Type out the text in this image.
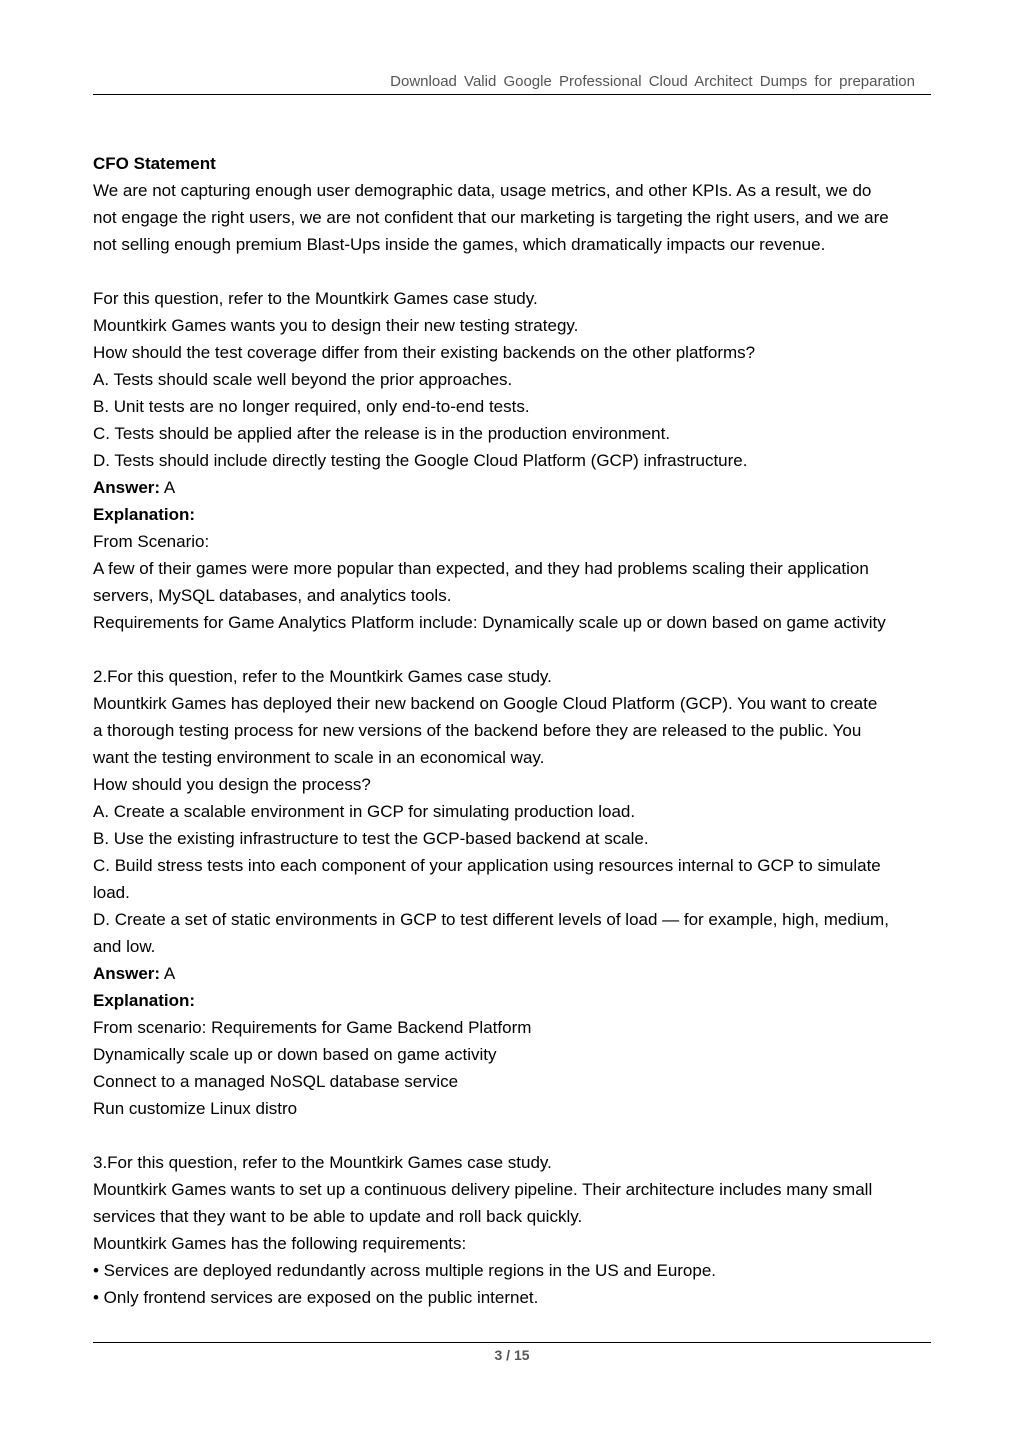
Download Valid Google Professional Cloud Architect Dumps for preparation

CFO Statement

We are not capturing enough user demographic data, usage metrics, and other KPIs. As a result, we do

not engage the right users, we are not confident that our marketing is targeting the right users, and we are

not selling enough premium Blast-Ups inside the games, which dramatically impacts our revenue.

For this question, refer to the Mountkirk Games case study.

Mountkirk Games wants you to design their new testing strategy.

How should the test coverage differ from their existing backends on the other platforms?

A. Tests should scale well beyond the prior approaches.

B. Unit tests are no longer required, only end-to-end tests.

C. Tests should be applied after the release is in the production environment.

D. Tests should include directly testing the Google Cloud Platform (GCP) infrastructure.

Answer: A

Explanation:

From Scenario:

A few of their games were more popular than expected, and they had problems scaling their application

servers, MySQL databases, and analytics tools.

Requirements for Game Analytics Platform include: Dynamically scale up or down based on game activity

2.For this question, refer to the Mountkirk Games case study.

Mountkirk Games has deployed their new backend on Google Cloud Platform (GCP). You want to create

a thorough testing process for new versions of the backend before they are released to the public. You

want the testing environment to scale in an economical way.

How should you design the process?

A. Create a scalable environment in GCP for simulating production load.

B. Use the existing infrastructure to test the GCP-based backend at scale.

C. Build stress tests into each component of your application using resources internal to GCP to simulate

load.

D. Create a set of static environments in GCP to test different levels of load — for example, high, medium,

and low.

Answer: A

Explanation:

From scenario: Requirements for Game Backend Platform

Dynamically scale up or down based on game activity

Connect to a managed NoSQL database service

Run customize Linux distro

3.For this question, refer to the Mountkirk Games case study.

Mountkirk Games wants to set up a continuous delivery pipeline. Their architecture includes many small

services that they want to be able to update and roll back quickly.

Mountkirk Games has the following requirements:

• Services are deployed redundantly across multiple regions in the US and Europe.

• Only frontend services are exposed on the public internet.

3 / 15
